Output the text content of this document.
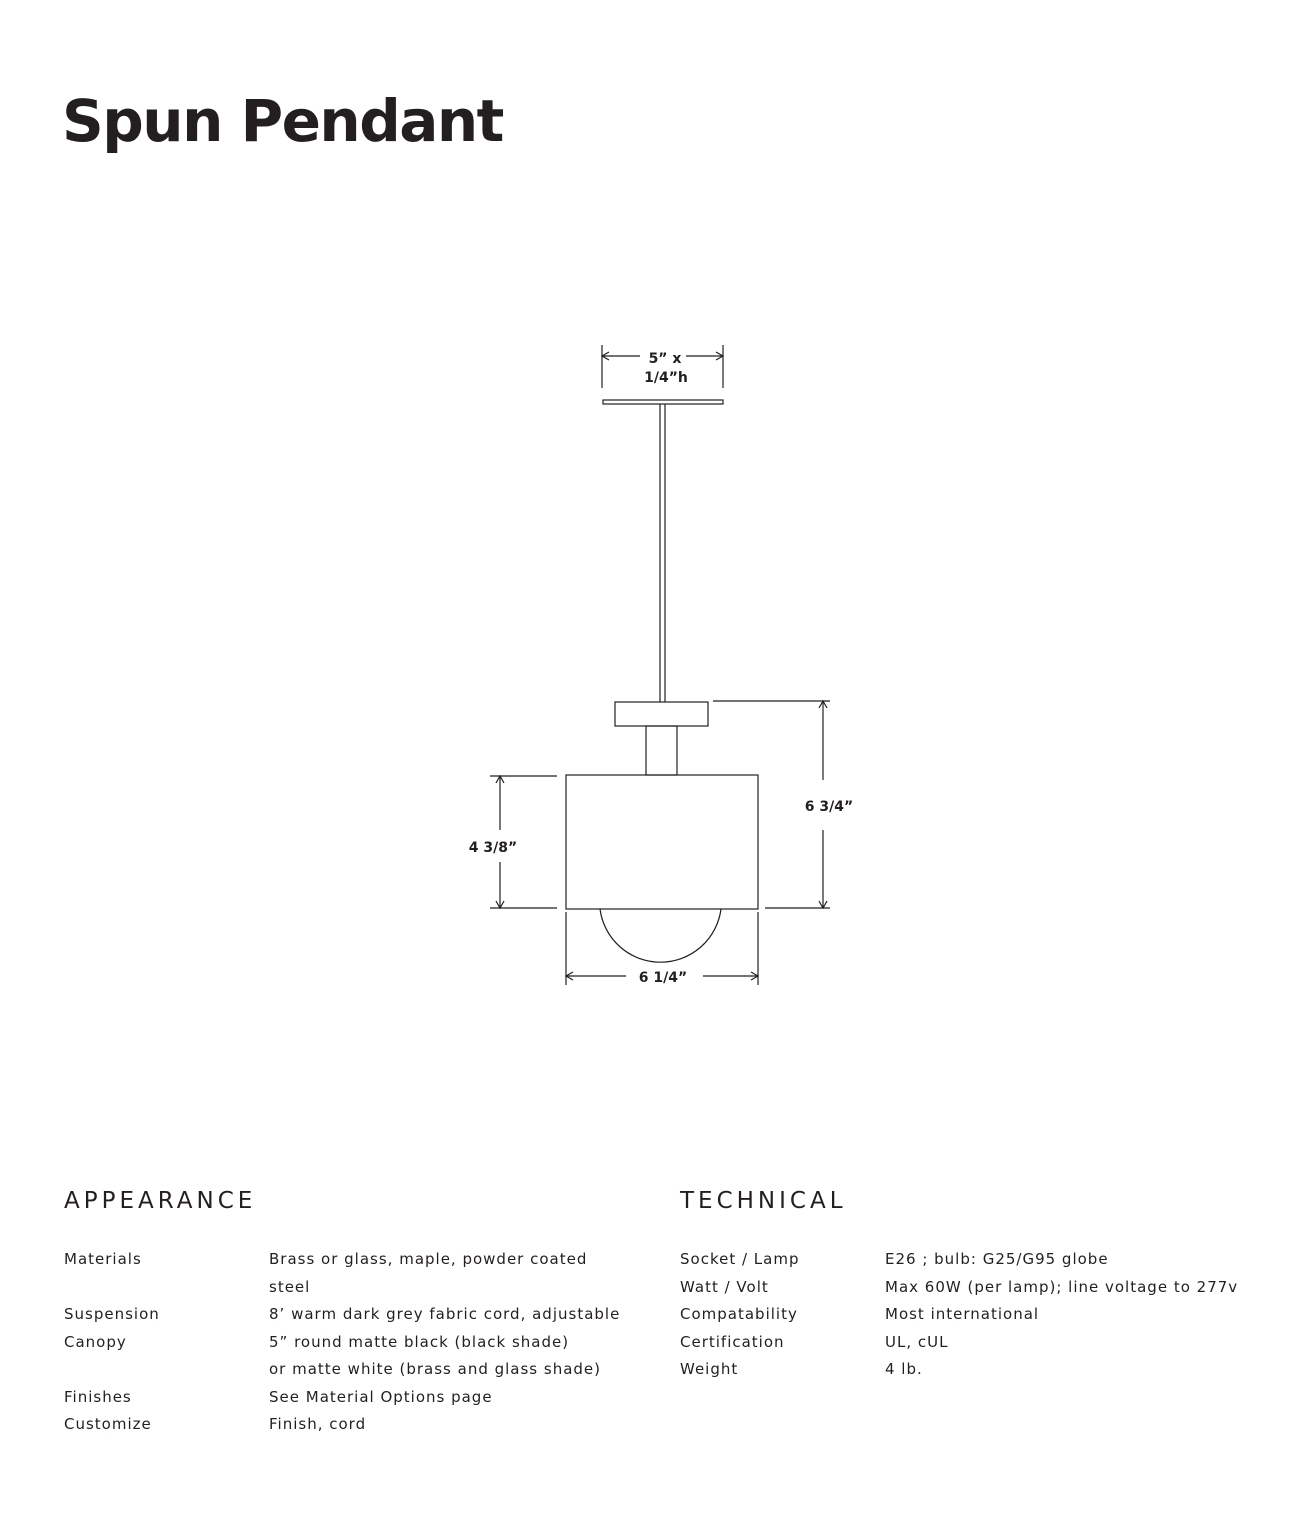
Spun Pendant
5” x
1/4”h
6 3/4”
4 3/8”
6 1/4”
APPEARANCE
Materials	Brass or glass, maple, powder coated
steel

Suspension	8’ warm dark grey fabric cord, adjustable

Canopy	5” round matte black (black shade)
or matte white (brass and glass shade)

Finishes	See Material Options page

Customize	Finish, cord
TECHNICAL
Socket / Lamp	E26 ; bulb: G25/G95 globe

Watt / Volt	Max 60W (per lamp); line voltage to 277v

Compatability	Most international

Certification	UL, cUL

Weight	4 lb.
